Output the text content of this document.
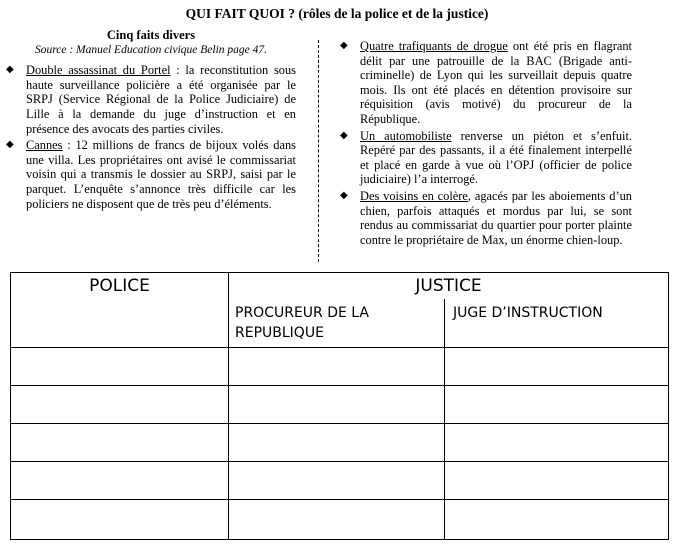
QUI FAIT QUOI ? (rôles de la police et de la justice)

Cinq faits divers

Source : Manuel Education civique Belin page 47.

◆ Double assassinat du Portel : la reconstitution sous haute surveillance policière a été organisée par le SRPJ (Service Régional de la Police Judiciaire) de Lille à la demande du juge d’instruction et en présence des avocats des parties civiles.
◆ Cannes : 12 millions de francs de bijoux volés dans une villa. Les propriétaires ont avisé le commissariat voisin qui a transmis le dossier au SRPJ, saisi par le parquet. L’enquête s’annonce très difficile car les policiers ne disposent que de très peu d’éléments.
◆ Quatre trafiquants de drogue ont été pris en flagrant délit par une patrouille de la BAC (Brigade anti-criminelle) de Lyon qui les surveillait depuis quatre mois. Ils ont été placés en détention provisoire sur réquisition (avis motivé) du procureur de la République.
◆ Un automobiliste renverse un piéton et s’enfuit. Repéré par des passants, il a été finalement interpellé et placé en garde à vue où l’OPJ (officier de police judiciaire) l’a interrogé.
◆ Des voisins en colère, agacés par les aboiements d’un chien, parfois attaqués et mordus par lui, se sont rendus au commissariat du quartier pour porter plainte contre le propriétaire de Max, un énorme chien-loup.
POLICE	JUSTICE	
	PROCUREUR DE LA REPUBLIQUE	JUGE D’INSTRUCTION
